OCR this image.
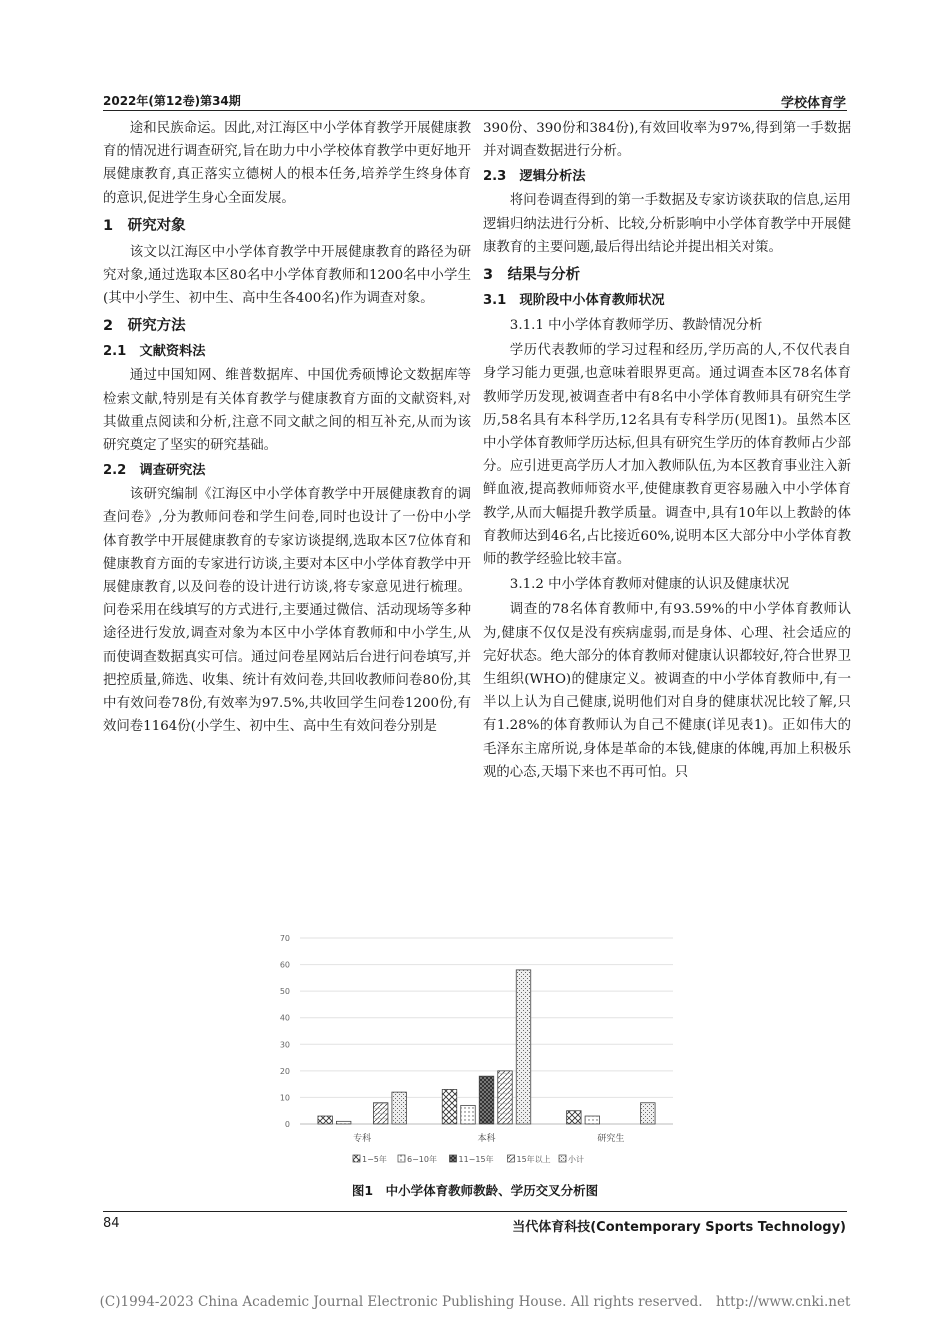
2022年(第12卷)第34期	学校体育学

途和民族命运。因此,对江海区中小学体育教学开展健康教育的情况进行调查研究,旨在助力中小学校体育教学中更好地开展健康教育,真正落实立德树人的根本任务,培养学生终身体育的意识,促进学生身心全面发展。

1　研究对象

该文以江海区中小学体育教学中开展健康教育的路径为研究对象,通过选取本区80名中小学体育教师和1200名中小学生(其中小学生、初中生、高中生各400名)作为调查对象。

2　研究方法
2.1　文献资料法

通过中国知网、维普数据库、中国优秀硕博论文数据库等检索文献,特别是有关体育教学与健康教育方面的文献资料,对其做重点阅读和分析,注意不同文献之间的相互补充,从而为该研究奠定了坚实的研究基础。

2.2　调查研究法

该研究编制《江海区中小学体育教学中开展健康教育的调查问卷》,分为教师问卷和学生问卷,同时也设计了一份中小学体育教学中开展健康教育的专家访谈提纲,选取本区7位体育和健康教育方面的专家进行访谈,主要对本区中小学体育教学中开展健康教育,以及问卷的设计进行访谈,将专家意见进行梳理。问卷采用在线填写的方式进行,主要通过微信、活动现场等多种途径进行发放,调查对象为本区中小学体育教师和中小学生,从而使调查数据真实可信。通过问卷星网站后台进行问卷填写,并把控质量,筛选、收集、统计有效问卷,共回收教师问卷80份,其中有效问卷78份,有效率为97.5%,共收回学生问卷1200份,有效问卷1164份(小学生、初中生、高中生有效问卷分别是

390份、390份和384份),有效回收率为97%,得到第一手数据并对调查数据进行分析。

2.3　逻辑分析法

将问卷调查得到的第一手数据及专家访谈获取的信息,运用逻辑归纳法进行分析、比较,分析影响中小学体育教学中开展健康教育的主要问题,最后得出结论并提出相关对策。

3　结果与分析
3.1　现阶段中小体育教师状况
3.1.1 中小学体育教师学历、教龄情况分析

学历代表教师的学习过程和经历,学历高的人,不仅代表自身学习能力更强,也意味着眼界更高。通过调查本区78名体育教师学历发现,被调查者中有8名中小学体育教师具有研究生学历,58名具有本科学历,12名具有专科学历(见图1)。虽然本区中小学体育教师学历达标,但具有研究生学历的体育教师占少部分。应引进更高学历人才加入教师队伍,为本区教育事业注入新鲜血液,提高教师师资水平,使健康教育更容易融入中小学体育教学,从而大幅提升教学质量。调查中,具有10年以上教龄的体育教师达到46名,占比接近60%,说明本区大部分中小学体育教师的教学经验比较丰富。

3.1.2 中小学体育教师对健康的认识及健康状况

调查的78名体育教师中,有93.59%的中小学体育教师认为,健康不仅仅是没有疾病虚弱,而是身体、心理、社会适应的完好状态。绝大部分的体育教师对健康认识都较好,符合世界卫生组织(WHO)的健康定义。被调查的中小学体育教师中,有一半以上认为自己健康,说明他们对自身的健康状况比较了解,只有1.28%的体育教师认为自己不健康(详见表1)。正如伟大的毛泽东主席所说,身体是革命的本钱,健康的体魄,再加上积极乐观的心态,天塌下来也不再可怕。只

0
10
20
30
40
50
60
70
专科	本科	研究生
1−5年	6−10年	11−15年	15年以上 小计
图1　中小学体育教师教龄、学历交叉分析图
84	当代体育科技(Contemporary Sports Technology)
(C)1994-2023 China Academic Journal Electronic Publishing House. All rights reserved.　http://www.cnki.net
